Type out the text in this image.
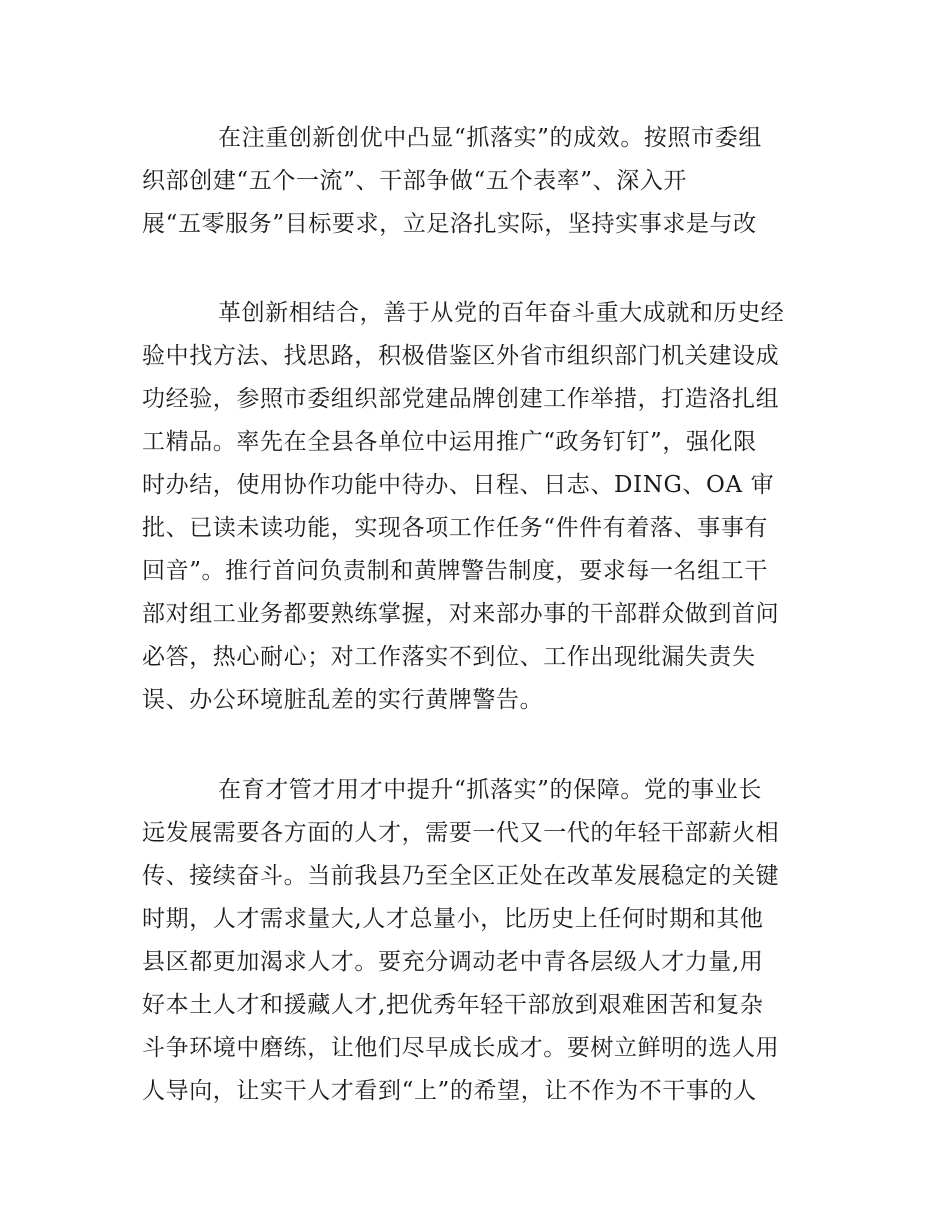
在注重创新创优中凸显“抓落实”的成效。按照市委组
织部创建“五个一流”、干部争做“五个表率”、深入开
展“五零服务”目标要求，立足洛扎实际，坚持实事求是与改
革创新相结合，善于从党的百年奋斗重大成就和历史经
验中找方法、找思路，积极借鉴区外省市组织部门机关建设成
功经验，参照市委组织部党建品牌创建工作举措，打造洛扎组
工精品。率先在全县各单位中运用推广“政务钉钉”，强化限
时办结，使用协作功能中待办、日程、日志、DING、OA 审
批、已读未读功能，实现各项工作任务“件件有着落、事事有
回音”。推行首问负责制和黄牌警告制度，要求每一名组工干
部对组工业务都要熟练掌握，对来部办事的干部群众做到首问
必答，热心耐心；对工作落实不到位、工作出现纰漏失责失
误、办公环境脏乱差的实行黄牌警告。
在育才管才用才中提升“抓落实”的保障。党的事业长
远发展需要各方面的人才，需要一代又一代的年轻干部薪火相
传、接续奋斗。当前我县乃至全区正处在改革发展稳定的关键
时期，人才需求量大,人才总量小，比历史上任何时期和其他
县区都更加渴求人才。要充分调动老中青各层级人才力量,用
好本土人才和援藏人才,把优秀年轻干部放到艰难困苦和复杂
斗争环境中磨练，让他们尽早成长成才。要树立鲜明的选人用
人导向，让实干人才看到“上”的希望，让不作为不干事的人
